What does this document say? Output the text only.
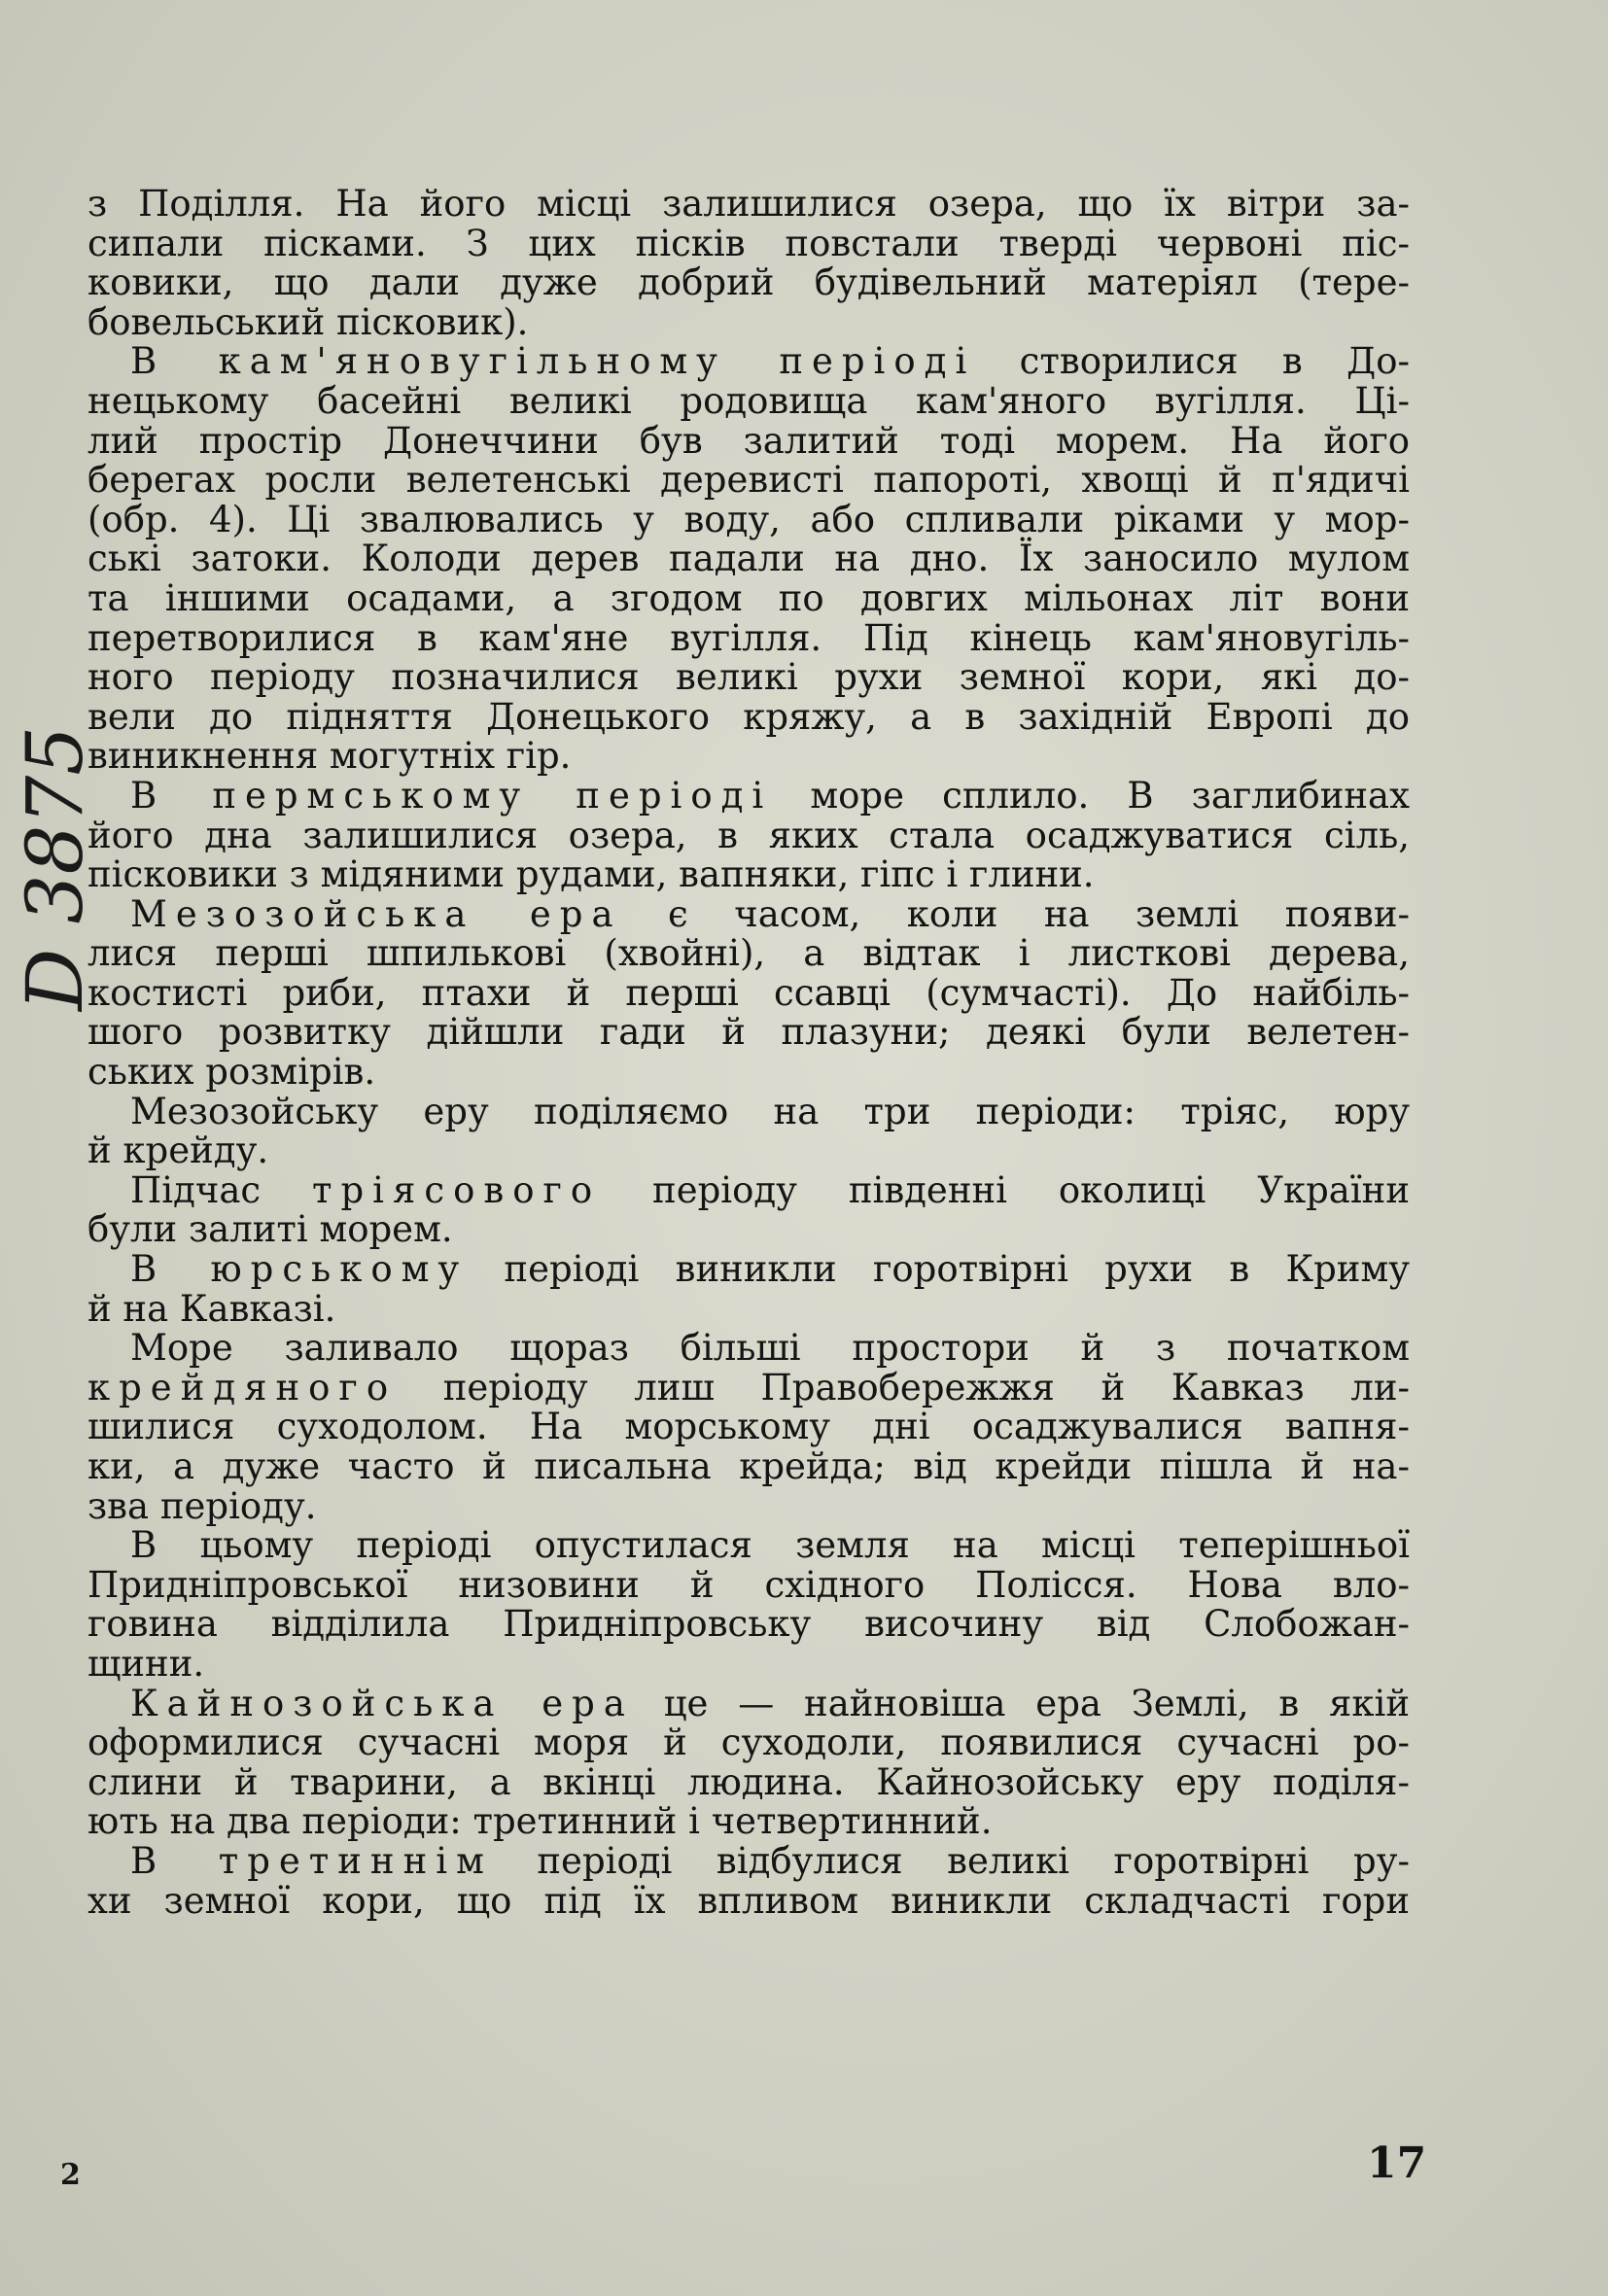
D 3875
з Поділля. На його місці залишилися озера, що їх вітри за-
сипали пісками. З цих пісків повстали тверді червоні піс-
ковики, що дали дуже добрий будівельний матеріял (тере-
бовельський пісковик).
В кам'яновугільному періоді створилися в До-
нецькому басейні великі родовища кам'яного вугілля. Ці-
лий простір Донеччини був залитий тоді морем. На його
берегах росли велетенські деревисті папороті, хвощі й п'ядичі
(обр. 4). Ці звалювались у воду, або спливали ріками у мор-
ські затоки. Колоди дерев падали на дно. Їх заносило мулом
та іншими осадами, а згодом по довгих мільонах літ вони
перетворилися в кам'яне вугілля. Під кінець кам'яновугіль-
ного періоду позначилися великі рухи земної кори, які до-
вели до підняття Донецького кряжу, а в західній Европі до
виникнення могутніх гір.
В пермському періоді море сплило. В заглибинах
його дна залишилися озера, в яких стала осаджуватися сіль,
пісковики з мідяними рудами, вапняки, гіпс і глини.
Мезозойська ера є часом, коли на землі появи-
лися перші шпилькові (хвойні), а відтак і листкові дерева,
костисті риби, птахи й перші ссавці (сумчасті). До найбіль-
шого розвитку дійшли гади й плазуни; деякі були велетен-
ських розмірів.
Мезозойську еру поділяємо на три періоди: тріяс, юру
й крейду.
Підчас тріясового періоду південні околиці України
були залиті морем.
В юрському періоді виникли горотвірні рухи в Криму
й на Кавказі.
Море заливало щораз більші простори й з початком
крейдяного періоду лиш Правобережжя й Кавказ ли-
шилися суходолом. На морському дні осаджувалися вапня-
ки, а дуже часто й писальна крейда; від крейди пішла й на-
зва періоду.
В цьому періоді опустилася земля на місці теперішньої
Придніпровської низовини й східного Полісся. Нова вло-
говина відділила Придніпровську височину від Слобожан-
щини.
Кайнозойська ера це — найновіша ера Землі, в якій
оформилися сучасні моря й суходоли, появилися сучасні ро-
слини й тварини, а вкінці людина. Кайнозойську еру поділя-
ють на два періоди: третинний і четвертинний.
В третиннім періоді відбулися великі горотвірні ру-
хи земної кори, що під їх впливом виникли складчасті гори
2	17
